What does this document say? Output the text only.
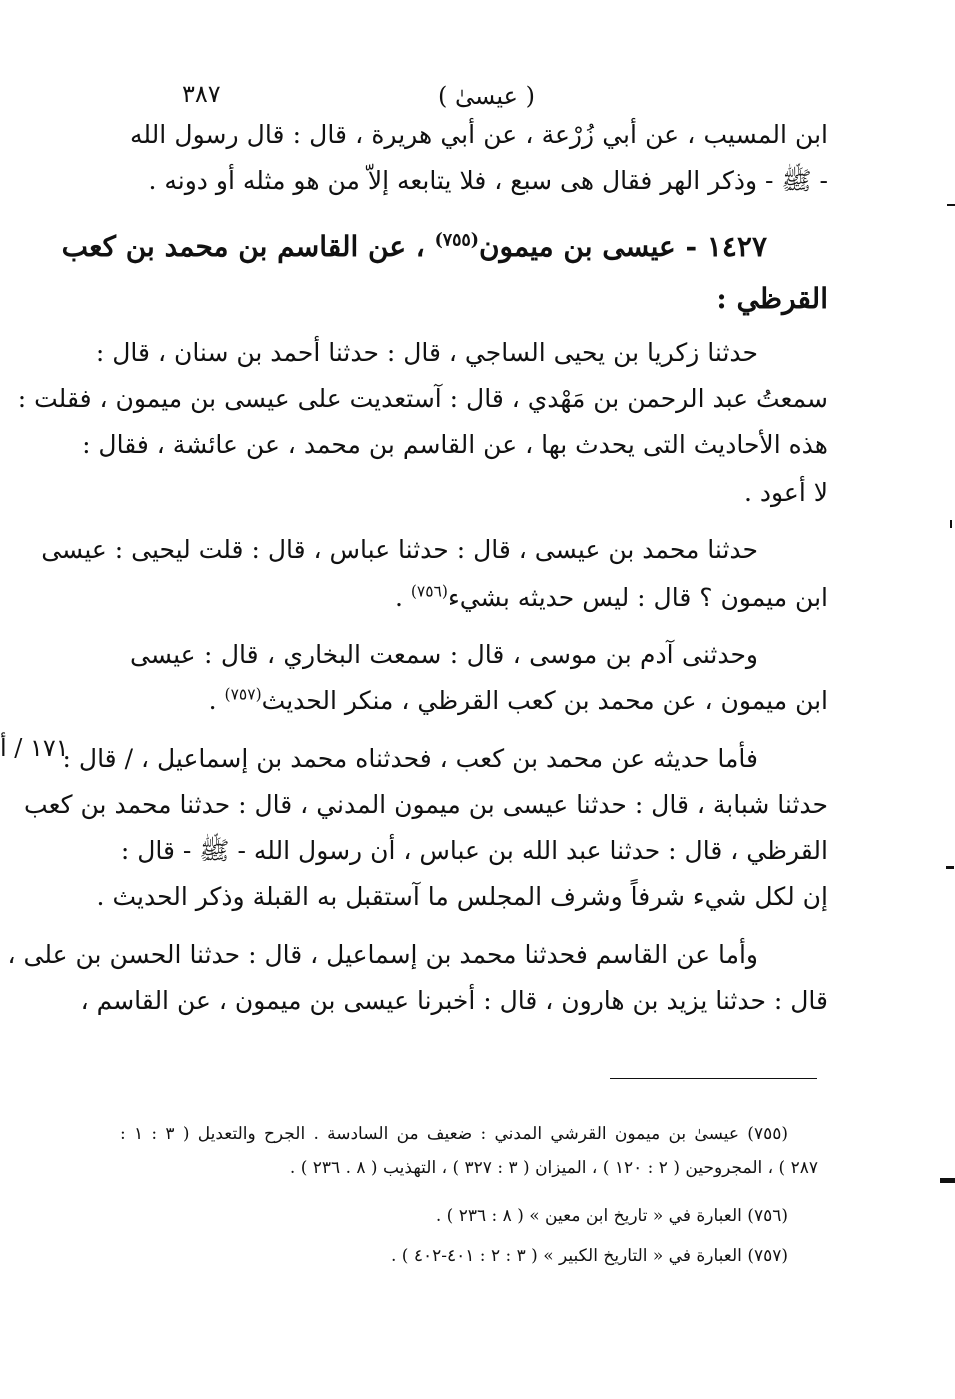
٣٨٧	( عيسىٰ )
ابن المسيب ، عن أبي زُرْعة ، عن أبي هريرة ، قال : قال رسول الله
- ﷺ - وذكر الهر فقال هى سبع ، فلا يتابعه إلاّ من هو مثله أو دونه .
١٤٢٧ - عيسى بن ميمون$^{(٧٥٥)}$ ، عن القاسم بن محمد بن كعب
القرظي :
حدثنا زكريا بن يحيى الساجي ، قال : حدثنا أحمد بن سنان ، قال :
سمعتُ عبد الرحمن بن مَهْدي ، قال : آستعديت على عيسى بن ميمون ، فقلت :
هذه الأحاديث التى يحدث بها ، عن القاسم بن محمد ، عن عائشة ، فقال :
لا أعود .
حدثنا محمد بن عيسى ، قال : حدثنا عباس ، قال : قلت ليحيى : عيسى
ابن ميمون ؟ قال : ليس حديثه بشيء$^{(٧٥٦)}$ .
وحدثنى آدم بن موسى ، قال : سمعت البخاري ، قال : عيسى
ابن ميمون ، عن محمد بن كعب القرظي ، منكر الحديث$^{(٧٥٧)}$ .
١٧١ / أ
فأما حديثه عن محمد بن كعب ، فحدثناه محمد بن إسماعيل ، / قال :
حدثنا شبابة ، قال : حدثنا عيسى بن ميمون المدني ، قال : حدثنا محمد بن كعب
القرظي ، قال : حدثنا عبد الله بن عباس ، أن رسول الله - ﷺ - قال :
إن لكل شيء شرفاً وشرف المجلس ما آستقبل به القبلة وذكر الحديث .
وأما عن القاسم فحدثنا محمد بن إسماعيل ، قال : حدثنا الحسن بن على ،
قال : حدثنا يزيد بن هارون ، قال : أخبرنا عيسى بن ميمون ، عن القاسم ،
(٧٥٥) عيسىٰ بن ميمون القرشي المدني : ضعيف من السادسة . الجرح والتعديل ( ٣ : ١ :
٢٨٧ ) ، المجروحين ( ٢ : ١٢٠ ) ، الميزان ( ٣ : ٣٢٧ ) ، التهذيب ( ٨ . ٢٣٦ ) .
(٧٥٦) العبارة في « تاريخ ابن معين » ( ٨ : ٢٣٦ ) .
(٧٥٧) العبارة في « التاريخ الكبير » ( ٣ : ٢ : ٤٠١-٤٠٢ ) .
